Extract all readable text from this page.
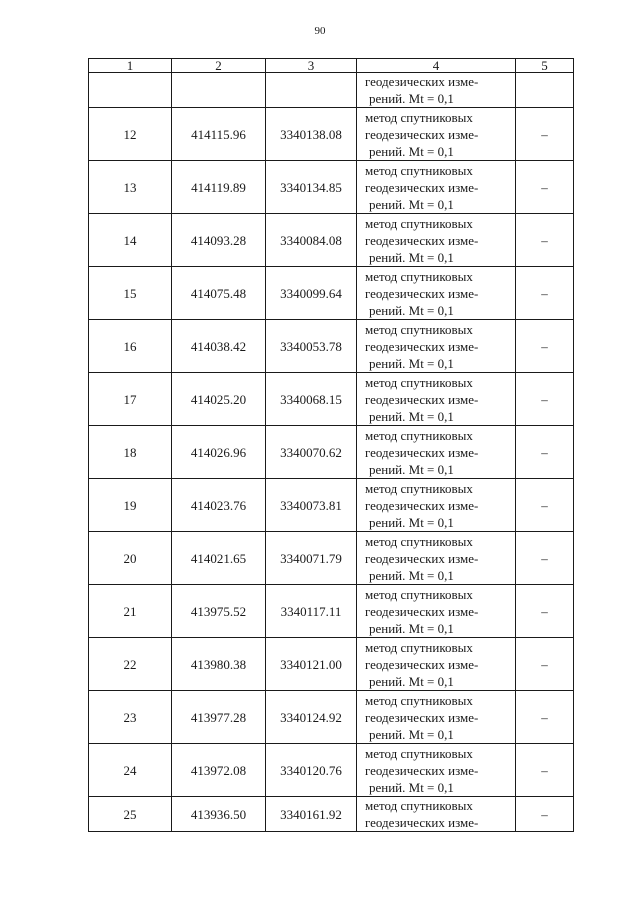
90
1	2	3	4	5

			геодезических изме-
рений. Mt = 0,1	

12	414115.96	3340138.08	метод спутниковых
геодезических изме-
рений. Mt = 0,1	–
13	414119.89	3340134.85	метод спутниковых
геодезических изме-
рений. Mt = 0,1	–
14	414093.28	3340084.08	метод спутниковых
геодезических изме-
рений. Mt = 0,1	–
15	414075.48	3340099.64	метод спутниковых
геодезических изме-
рений. Mt = 0,1	–
16	414038.42	3340053.78	метод спутниковых
геодезических изме-
рений. Mt = 0,1	–
17	414025.20	3340068.15	метод спутниковых
геодезических изме-
рений. Mt = 0,1	–
18	414026.96	3340070.62	метод спутниковых
геодезических изме-
рений. Mt = 0,1	–
19	414023.76	3340073.81	метод спутниковых
геодезических изме-
рений. Mt = 0,1	–
20	414021.65	3340071.79	метод спутниковых
геодезических изме-
рений. Mt = 0,1	–
21	413975.52	3340117.11	метод спутниковых
геодезических изме-
рений. Mt = 0,1	–
22	413980.38	3340121.00	метод спутниковых
геодезических изме-
рений. Mt = 0,1	–
23	413977.28	3340124.92	метод спутниковых
геодезических изме-
рений. Mt = 0,1	–
24	413972.08	3340120.76	метод спутниковых
геодезических изме-
рений. Mt = 0,1	–
25	413936.50	3340161.92	метод спутниковых
геодезических изме-	–
